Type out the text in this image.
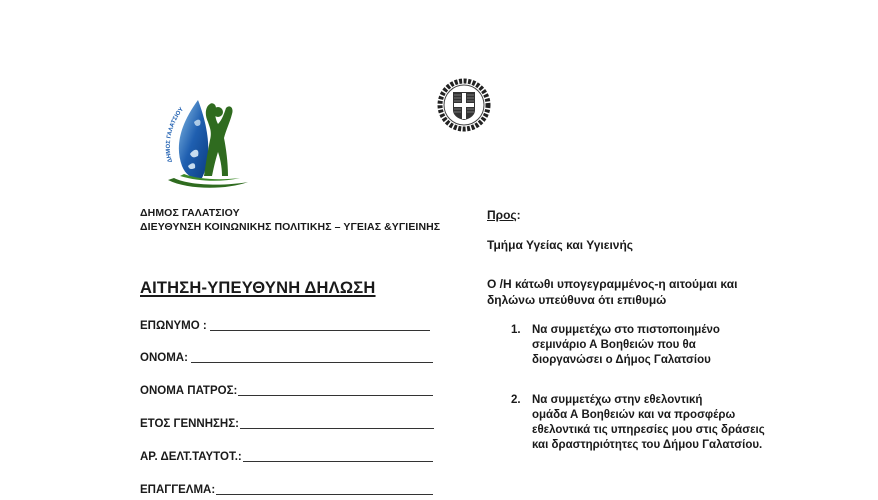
ΔΗΜΟΣ ΓΑΛΑΤΣΙΟΥ
ΔΗΜΟΣ ΓΑΛΑΤΣΙΟΥ
ΔΙΕΥΘΥΝΣΗ ΚΟΙΝΩΝΙΚΗΣ ΠΟΛΙΤΙΚΗΣ – ΥΓΕΙΑΣ &ΥΓΙΕΙΝΗΣ
ΑΙΤΗΣΗ-ΥΠΕΥΘΥΝΗ ΔΗΛΩΣΗ
ΕΠΩΝΥΜΟ :
ΟΝΟΜΑ:
ΟΝΟΜΑ ΠΑΤΡΟΣ:
ΕΤΟΣ ΓΕΝΝΗΣΗΣ:
ΑΡ. ΔΕΛΤ.ΤΑΥΤΟΤ.:
ΕΠΑΓΓΕΛΜΑ:
Προς:
Τμήμα Υγείας και Υγιεινής
Ο /Η κάτωθι υπογεγραμμένος-η αιτούμαι και
δηλώνω υπεύθυνα ότι επιθυμώ
1. Να συμμετέχω στο πιστοποιημένο
σεμινάριο Α Βοηθειών που θα
διοργανώσει ο Δήμος Γαλατσίου
2. Να συμμετέχω στην εθελοντική
ομάδα Α Βοηθειών και να προσφέρω
εθελοντικά τις υπηρεσίες μου στις δράσεις
και δραστηριότητες του Δήμου Γαλατσίου.
